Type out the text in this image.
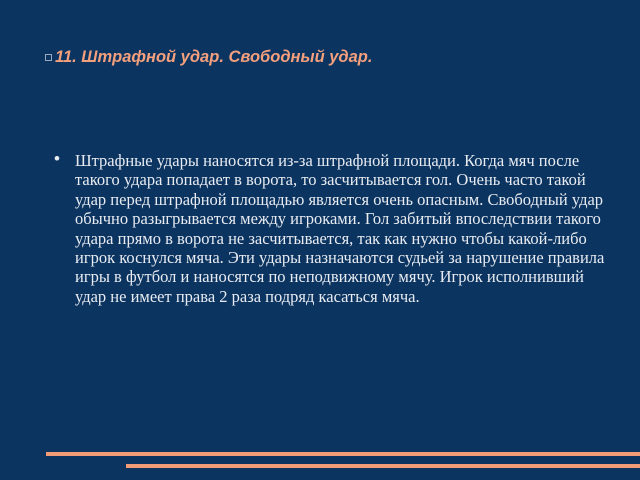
11. Штрафной удар. Свободный удар.
• Штрафные удары наносятся из-за штрафной площади. Когда мяч после такого удара попадает в ворота, то засчитывается гол. Очень часто такой удар перед штрафной площадью является очень опасным. Свободный удар обычно разыгрывается между игроками. Гол забитый впоследствии такого удара прямо в ворота не засчитывается, так как нужно чтобы какой-либо игрок коснулся мяча. Эти удары назначаются судьей за нарушение правила игры в футбол и наносятся по неподвижному мячу. Игрок исполнивший удар не имеет права 2 раза подряд касаться мяча.
